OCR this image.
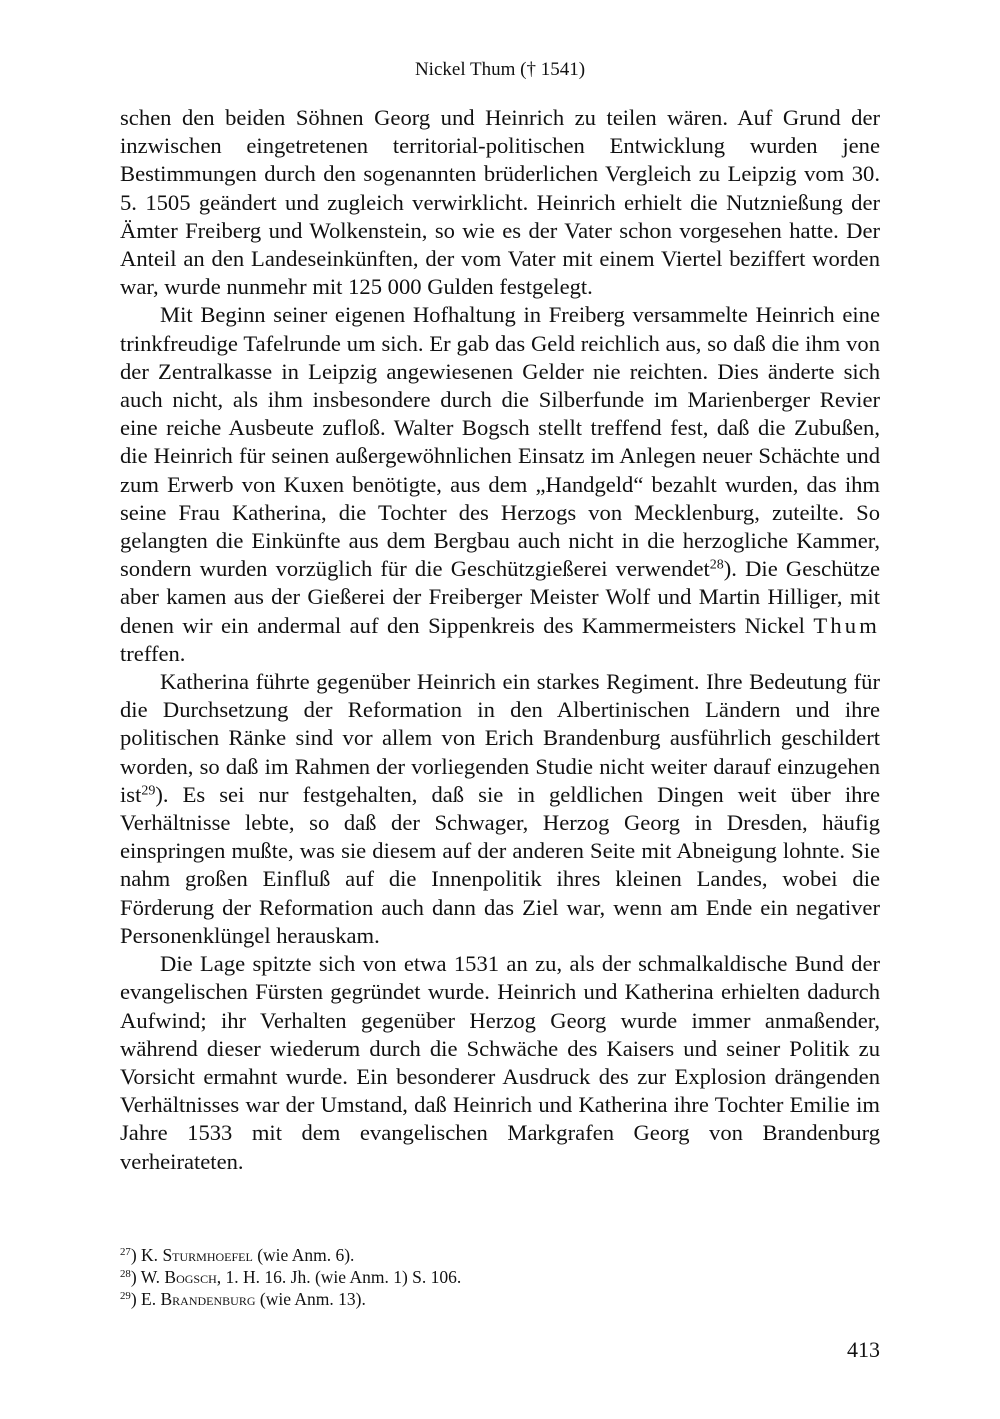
Nickel Thum († 1541)

schen den beiden Söhnen Georg und Heinrich zu teilen wären. Auf Grund der inzwischen eingetretenen territorial-politischen Entwicklung wurden jene Bestimmungen durch den sogenannten brüderlichen Vergleich zu Leipzig vom 30. 5. 1505 geändert und zugleich verwirklicht. Heinrich erhielt die Nutznießung der Ämter Freiberg und Wolkenstein, so wie es der Vater schon vorgesehen hatte. Der Anteil an den Landeseinkünften, der vom Vater mit einem Viertel beziffert worden war, wurde nunmehr mit 125 000 Gulden festgelegt.

Mit Beginn seiner eigenen Hofhaltung in Freiberg versammelte Heinrich eine trinkfreudige Tafelrunde um sich. Er gab das Geld reichlich aus, so daß die ihm von der Zentralkasse in Leipzig angewiesenen Gelder nie reichten. Dies änderte sich auch nicht, als ihm insbesondere durch die Silberfunde im Marienberger Revier eine reiche Ausbeute zufloß. Walter Bogsch stellt treffend fest, daß die Zubußen, die Heinrich für seinen außergewöhnlichen Einsatz im Anlegen neuer Schächte und zum Erwerb von Kuxen benötigte, aus dem „Handgeld“ bezahlt wurden, das ihm seine Frau Katherina, die Tochter des Herzogs von Mecklenburg, zuteilte. So gelangten die Einkünfte aus dem Bergbau auch nicht in die herzogliche Kammer, sondern wurden vorzüglich für die Geschützgießerei verwendet$^{28}$). Die Geschütze aber kamen aus der Gießerei der Freiberger Meister Wolf und Martin Hilliger, mit denen wir ein andermal auf den Sippenkreis des Kammermeisters Nickel Thum treffen.

Katherina führte gegenüber Heinrich ein starkes Regiment. Ihre Bedeutung für die Durchsetzung der Reformation in den Albertinischen Ländern und ihre politischen Ränke sind vor allem von Erich Brandenburg ausführlich geschildert worden, so daß im Rahmen der vorliegenden Studie nicht weiter darauf einzugehen ist$^{29}$). Es sei nur festgehalten, daß sie in geldlichen Dingen weit über ihre Verhältnisse lebte, so daß der Schwager, Herzog Georg in Dresden, häufig einspringen mußte, was sie diesem auf der anderen Seite mit Abneigung lohnte. Sie nahm großen Einfluß auf die Innenpolitik ihres kleinen Landes, wobei die Förderung der Reformation auch dann das Ziel war, wenn am Ende ein negativer Personenklüngel herauskam.

Die Lage spitzte sich von etwa 1531 an zu, als der schmalkaldische Bund der evangelischen Fürsten gegründet wurde. Heinrich und Katherina erhielten dadurch Aufwind; ihr Verhalten gegenüber Herzog Georg wurde immer anmaßender, während dieser wiederum durch die Schwäche des Kaisers und seiner Politik zu Vorsicht ermahnt wurde. Ein besonderer Ausdruck des zur Explosion drängenden Verhältnisses war der Umstand, daß Heinrich und Katherina ihre Tochter Emilie im Jahre 1533 mit dem evangelischen Markgrafen Georg von Brandenburg verheirateten.

$^{27}$) K. Sturmhoefel (wie Anm. 6).

$^{28}$) W. Bogsch, 1. H. 16. Jh. (wie Anm. 1) S. 106.

$^{29}$) E. Brandenburg (wie Anm. 13).

413
